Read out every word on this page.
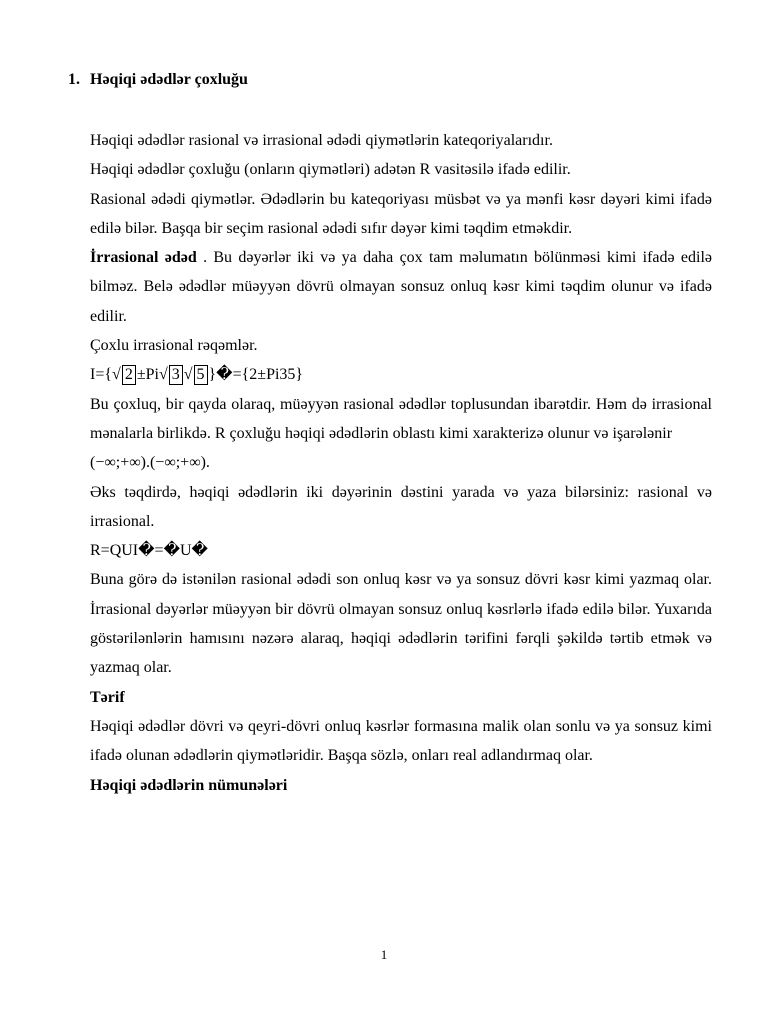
1. Həqiqi ədədlər çoxluğu

Həqiqi ədədlər rasional və irrasional ədədi qiymətlərin kateqoriyalarıdır.

Həqiqi ədədlər çoxluğu (onların qiymətləri) adətən R vasitəsilə ifadə edilir.

Rasional ədədi qiymətlər. Ədədlərin bu kateqoriyası müsbət və ya mənfi kəsr dəyəri kimi ifadə edilə bilər. Başqa bir seçim rasional ədədi sıfır dəyər kimi təqdim etməkdir.

İrrasional ədəd . Bu dəyərlər iki və ya daha çox tam məlumatın bölünməsi kimi ifadə edilə bilməz. Belə ədədlər müəyyən dövrü olmayan sonsuz onluq kəsr kimi təqdim olunur və ifadə edilir.

Çoxlu irrasional rəqəmlər.

I={√ 2 ±Pi√ 3 √ 5 }�={2±Pi35}

Bu çoxluq, bir qayda olaraq, müəyyən rasional ədədlər toplusundan ibarətdir. Həm də irrasional mənalarla birlikdə. R çoxluğu həqiqi ədədlərin oblastı kimi xarakterizə olunur və işarələnir

(−∞;+∞).(−∞;+∞).

Əks təqdirdə, həqiqi ədədlərin iki dəyərinin dəstini yarada və yaza bilərsiniz: rasional və irrasional.

R=QUI�=�U�

Buna görə də istənilən rasional ədədi son onluq kəsr və ya sonsuz dövri kəsr kimi yazmaq olar. İrrasional dəyərlər müəyyən bir dövrü olmayan sonsuz onluq kəsrlərlə ifadə edilə bilər. Yuxarıda göstərilənlərin hamısını nəzərə alaraq, həqiqi ədədlərin tərifini fərqli şəkildə tərtib etmək və yazmaq olar.

Tərif

Həqiqi ədədlər dövri və qeyri-dövri onluq kəsrlər formasına malik olan sonlu və ya sonsuz kimi ifadə olunan ədədlərin qiymətləridir. Başqa sözlə, onları real adlandırmaq olar.

Həqiqi ədədlərin nümunələri

1
